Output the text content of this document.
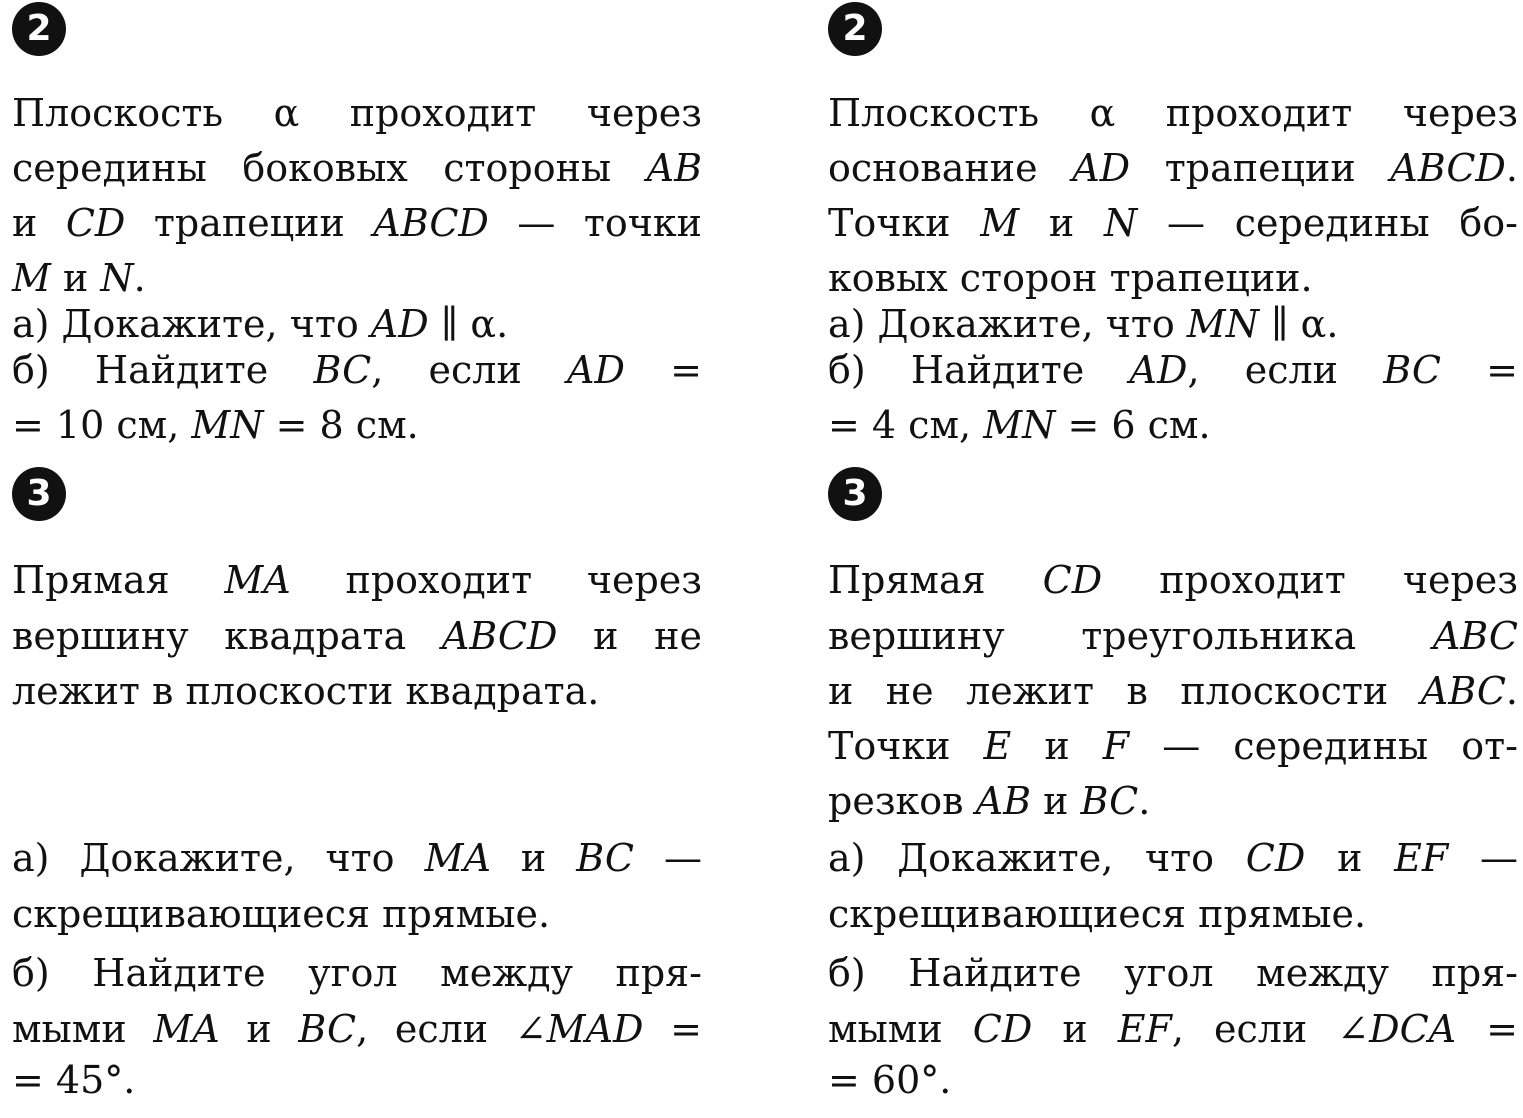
2
Плоскость α проходит через
середины боковых стороны AB
и CD трапеции ABCD — точки
M и N.
а) Докажите, что AD ∥ α.
б) Найдите BC, если AD =
= 10 см, MN = 8 см.
3
Прямая MA проходит через
вершину квадрата ABCD и не
лежит в плоскости квадрата.
а) Докажите, что MA и BC —
скрещивающиеся прямые.
б) Найдите угол между пря-
мыми MA и BC, если ∠MAD =
= 45°.
2
Плоскость α проходит через
основание AD трапеции ABCD.
Точки M и N — середины бо-
ковых сторон трапеции.
а) Докажите, что MN ∥ α.
б) Найдите AD, если BC =
= 4 см, MN = 6 см.
3
Прямая CD проходит через
вершину треугольника ABC
и не лежит в плоскости ABC.
Точки E и F — середины от-
резков AB и BC.
а) Докажите, что CD и EF —
скрещивающиеся прямые.
б) Найдите угол между пря-
мыми CD и EF, если ∠DCA =
= 60°.
